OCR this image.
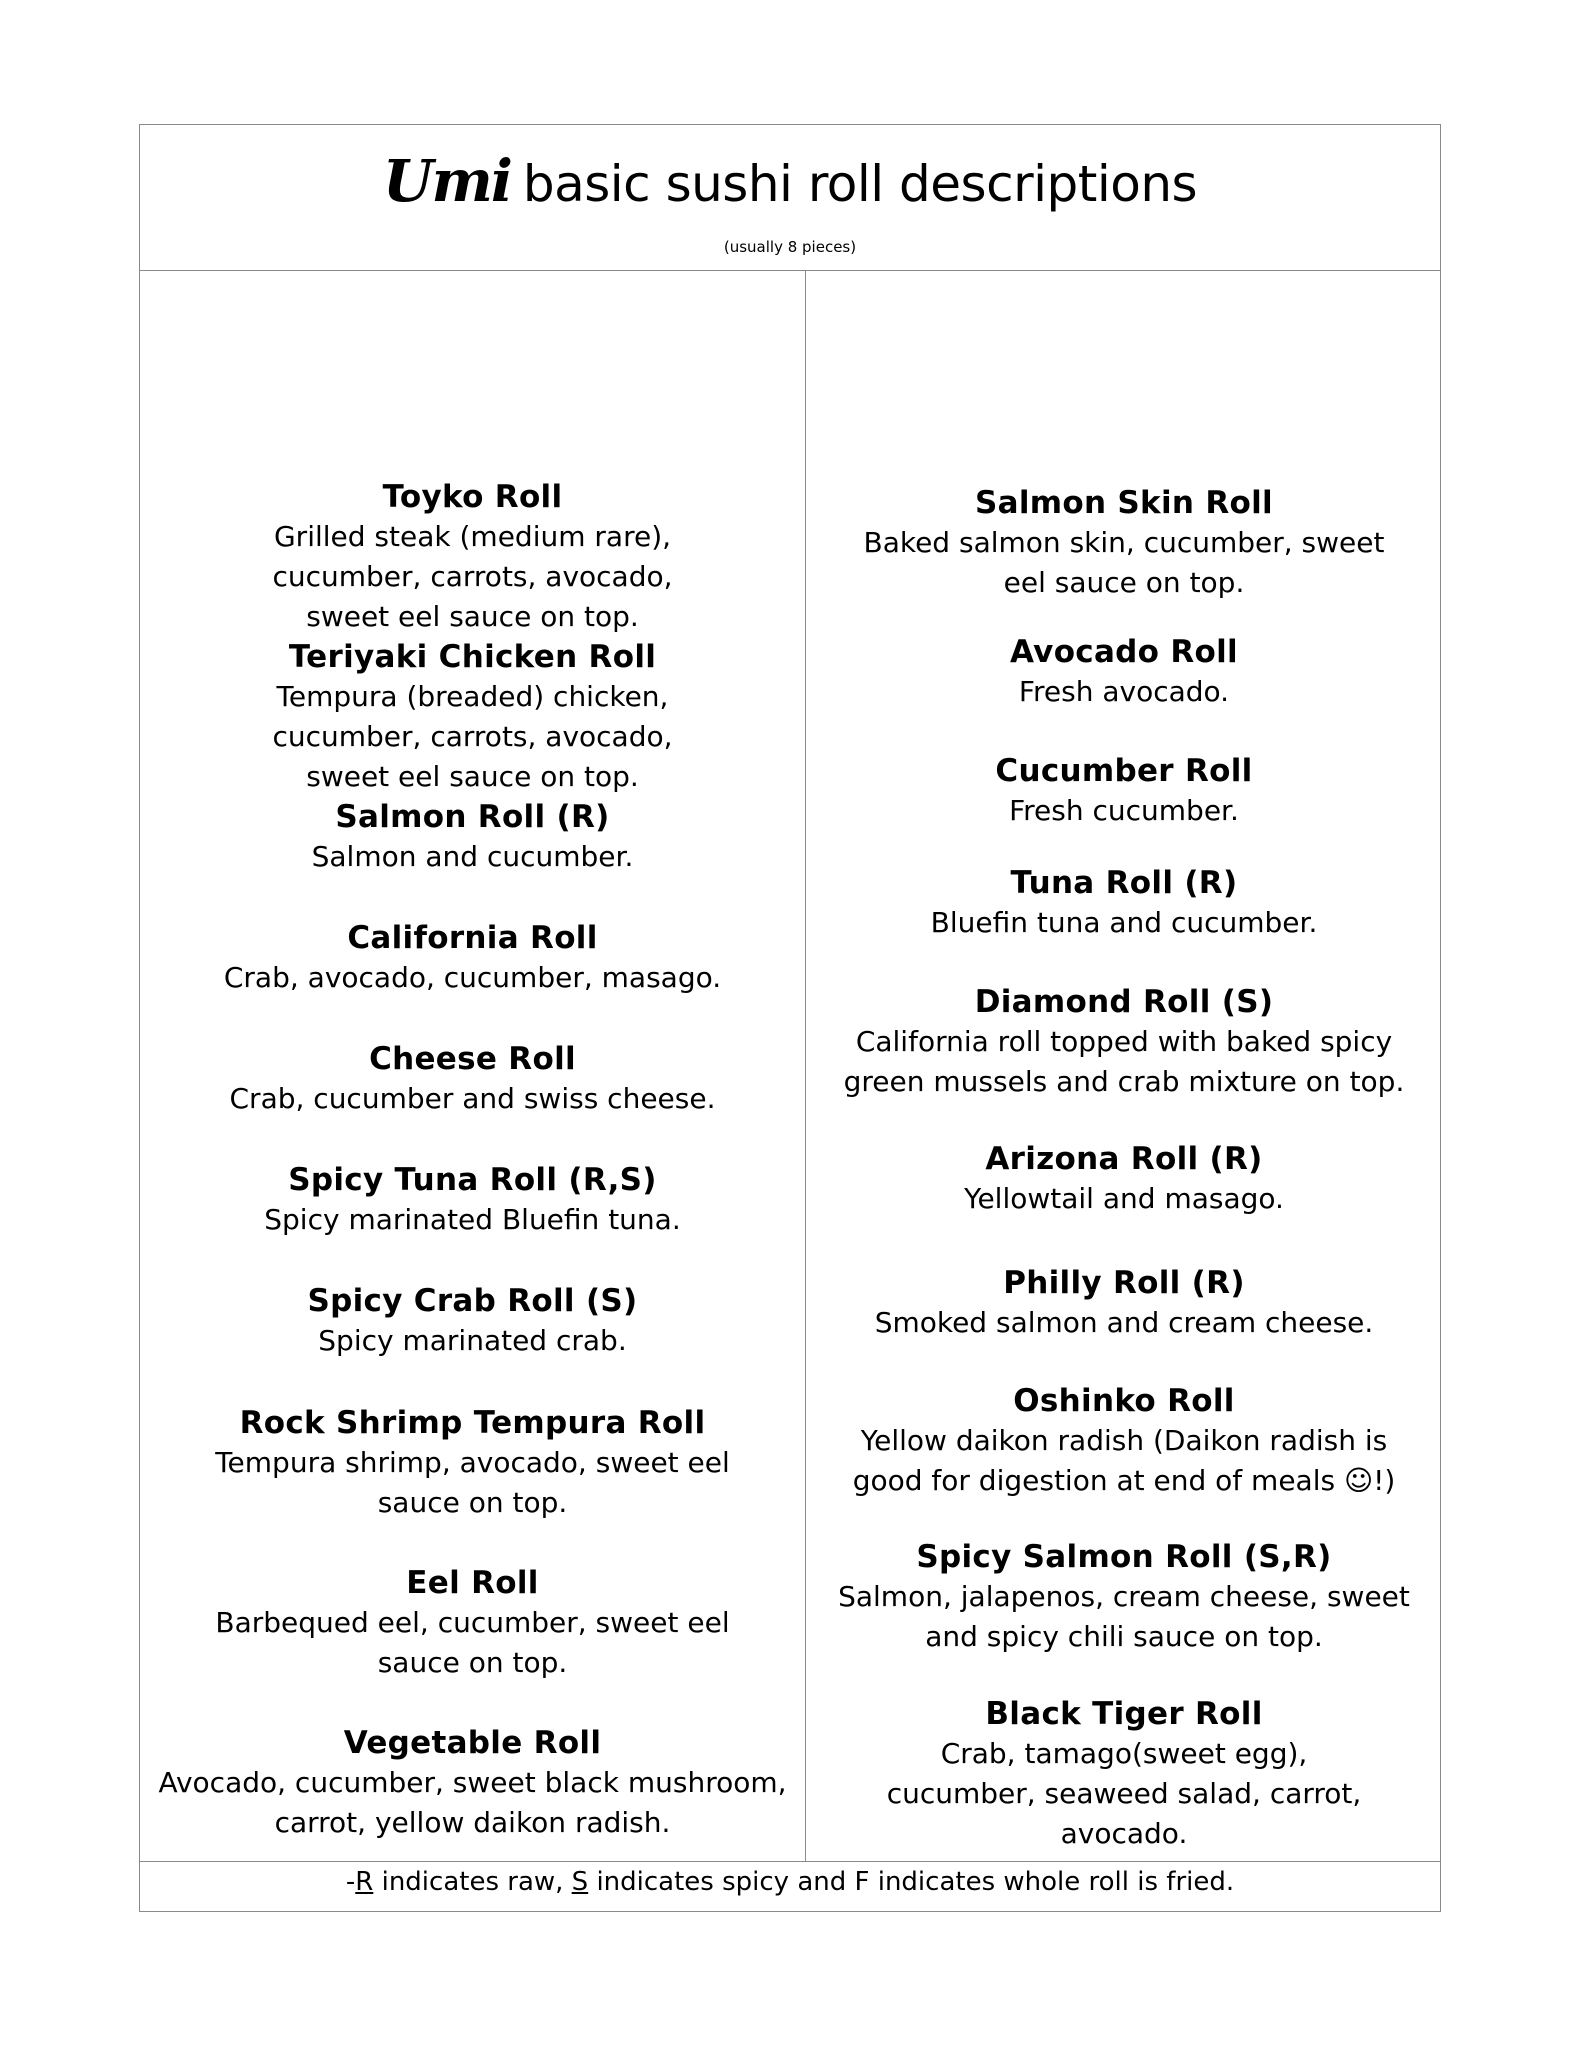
Umi basic sushi roll descriptions
(usually 8 pieces)
Toyko Roll
Grilled steak (medium rare), cucumber, carrots, avocado, sweet eel sauce on top.
Teriyaki Chicken Roll
Tempura (breaded) chicken, cucumber, carrots, avocado, sweet eel sauce on top.
Salmon Roll (R)
Salmon and cucumber.
California Roll
Crab, avocado, cucumber, masago.
Cheese Roll
Crab, cucumber and swiss cheese.
Spicy Tuna Roll (R,S)
Spicy marinated Bluefin tuna.
Spicy Crab Roll (S)
Spicy marinated crab.
Rock Shrimp Tempura Roll
Tempura shrimp, avocado, sweet eel sauce on top.
Eel Roll
Barbequed eel, cucumber, sweet eel sauce on top.
Vegetable Roll
Avocado, cucumber, sweet black mushroom, carrot, yellow daikon radish.
Salmon Skin Roll
Baked salmon skin, cucumber, sweet eel sauce on top.
Avocado Roll
Fresh avocado.
Cucumber Roll
Fresh cucumber.
Tuna Roll (R)
Bluefin tuna and cucumber.
Diamond Roll (S)
California roll topped with baked spicy green mussels and crab mixture on top.
Arizona Roll (R)
Yellowtail and masago.
Philly Roll (R)
Smoked salmon and cream cheese.
Oshinko Roll
Yellow daikon radish (Daikon radish is good for digestion at end of meals ☺!)
Spicy Salmon Roll (S,R)
Salmon, jalapenos, cream cheese, sweet and spicy chili sauce on top.
Black Tiger Roll
Crab, tamago(sweet egg), cucumber, seaweed salad, carrot, avocado.
-R indicates raw, S indicates spicy and F indicates whole roll is fried.
